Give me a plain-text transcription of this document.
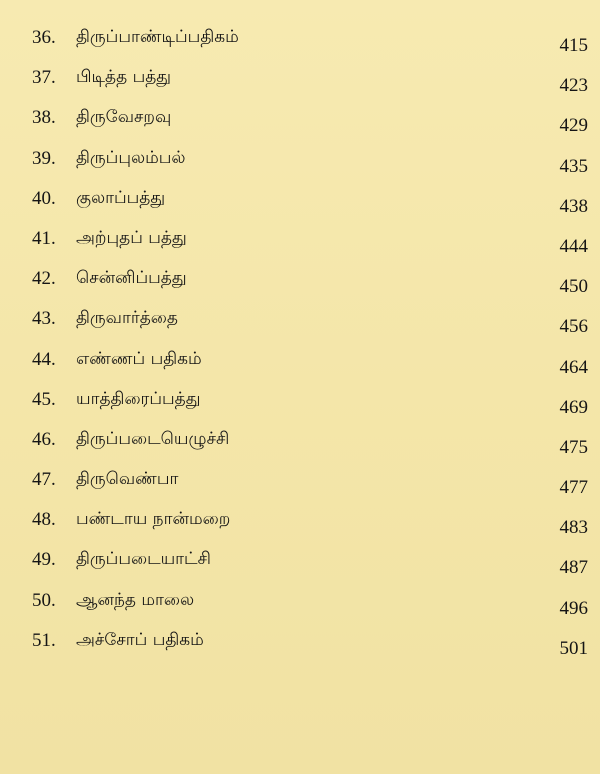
36. திருப்பாண்டிப்பதிகம்	415
37. பிடித்த பத்து	423
38. திருவேசறவு	429
39. திருப்புலம்பல்	435
40. குலாப்பத்து	438
41. அற்புதப் பத்து	444
42. சென்னிப்பத்து	450
43. திருவார்த்தை	456
44. எண்ணப் பதிகம்	464
45. யாத்திரைப்பத்து	469
46. திருப்படையெழுச்சி	475
47. திருவெண்பா	477
48. பண்டாய நான்மறை	483
49. திருப்படையாட்சி	487
50. ஆனந்த மாலை	496
51. அச்சோப் பதிகம்	501
